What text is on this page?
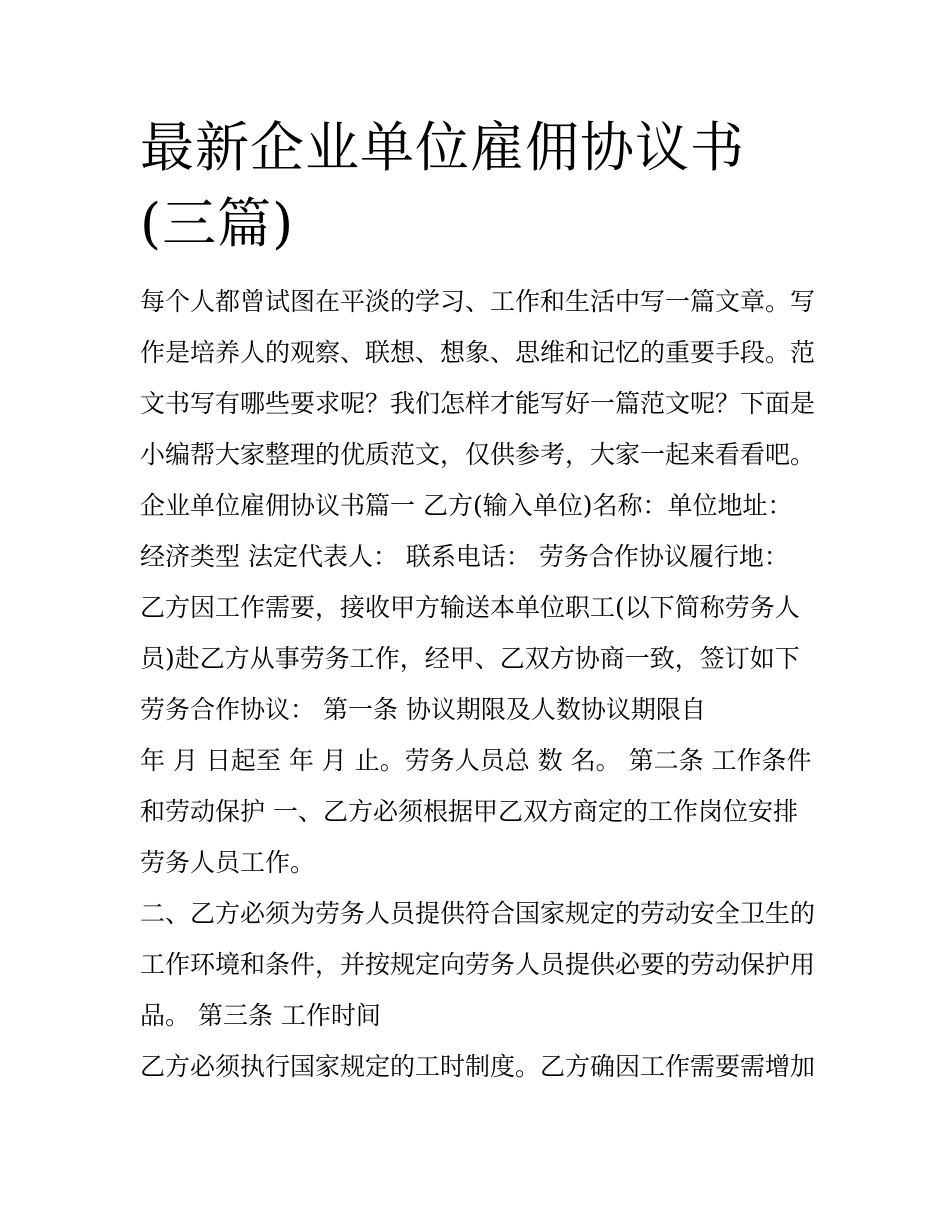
最新企业单位雇佣协议书(三篇)

每个人都曾试图在平淡的学习、工作和生活中写一篇文章。写作是培养人的观察、联想、想象、思维和记忆的重要手段。范文书写有哪些要求呢？我们怎样才能写好一篇范文呢？下面是小编帮大家整理的优质范文，仅供参考，大家一起来看看吧。

企业单位雇佣协议书篇一 乙方(输入单位)名称：单位地址：

经济类型 法定代表人： 联系电话： 劳务合作协议履行地：

乙方因工作需要，接收甲方输送本单位职工(以下简称劳务人员)赴乙方从事劳务工作，经甲、乙双方协商一致，签订如下劳务合作协议： 第一条 协议期限及人数协议期限自

年 月 日起至 年 月 止。劳务人员总 数 名。 第二条 工作条件和劳动保护 一、乙方必须根据甲乙双方商定的工作岗位安排劳务人员工作。

二、乙方必须为劳务人员提供符合国家规定的劳动安全卫生的工作环境和条件，并按规定向劳务人员提供必要的劳动保护用品。 第三条 工作时间

乙方必须执行国家规定的工时制度。乙方确因工作需要需增加
